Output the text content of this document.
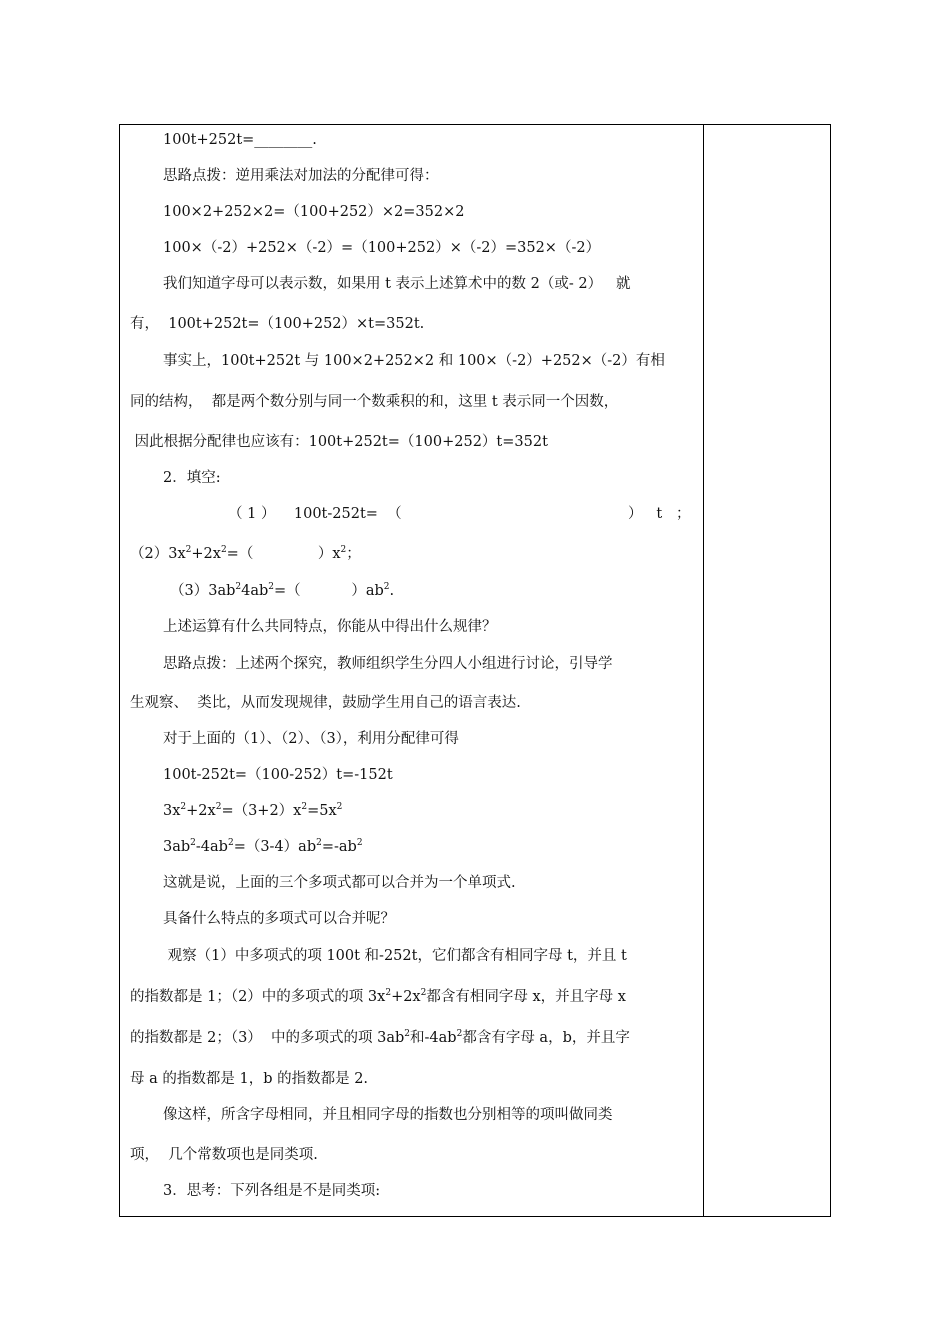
100t+252t=________.
思路点拨：逆用乘法对加法的分配律可得：
100×2+252×2=（100+252）×2=352×2
100×（-2）+252×（-2）=（100+252）×（-2）=352×（-2）
我们知道字母可以表示数，如果用 t 表示上述算术中的数 2（或- 2）   就
有，  100t+252t=（100+252）×t=352t.
事实上，100t+252t 与 100×2+252×2 和 100×（-2）+252×（-2）有相
同的结构，  都是两个数分别与同一个数乘积的和，这里 t 表示同一个因数，
因此根据分配律也应该有：100t+252t=（100+252）t=352t
2．填空:
（ 1 ）    100t-252t=  （	）   t   ；
$(2)3x^2+2x^2=$（              ）$x^2$；
$(3)3ab^24ab^2=$（           ）$ab^2$.
上述运算有什么共同特点，你能从中得出什么规律？
思路点拨：上述两个探究，教师组织学生分四人小组进行讨论，引导学
生观察、  类比，从而发现规律，鼓励学生用自己的语言表达.
对于上面的（1）、（2）、（3），利用分配律可得
100t-252t=（100-252）t=-152t
$3x^2+2x^2=(3+2)x^2=5x^2$
$3ab^2-4ab^2=(3-4)ab^2=-ab^2$
这就是说，上面的三个多项式都可以合并为一个单项式.
具备什么特点的多项式可以合并呢？
观察（1）中多项式的项 100t 和-252t，它们都含有相同字母 t，并且 t
的指数都是 1；（2）中的多项式的项 $3x^2+2x^2$都含有相同字母 x，并且字母 x
的指数都是 2；（3）  中的多项式的项 $3ab^2$和$-4ab^2$都含有字母 a，b，并且字
母 a 的指数都是 1，b 的指数都是 2.
像这样，所含字母相同，并且相同字母的指数也分别相等的项叫做同类
项，  几个常数项也是同类项.
3．思考：下列各组是不是同类项:
